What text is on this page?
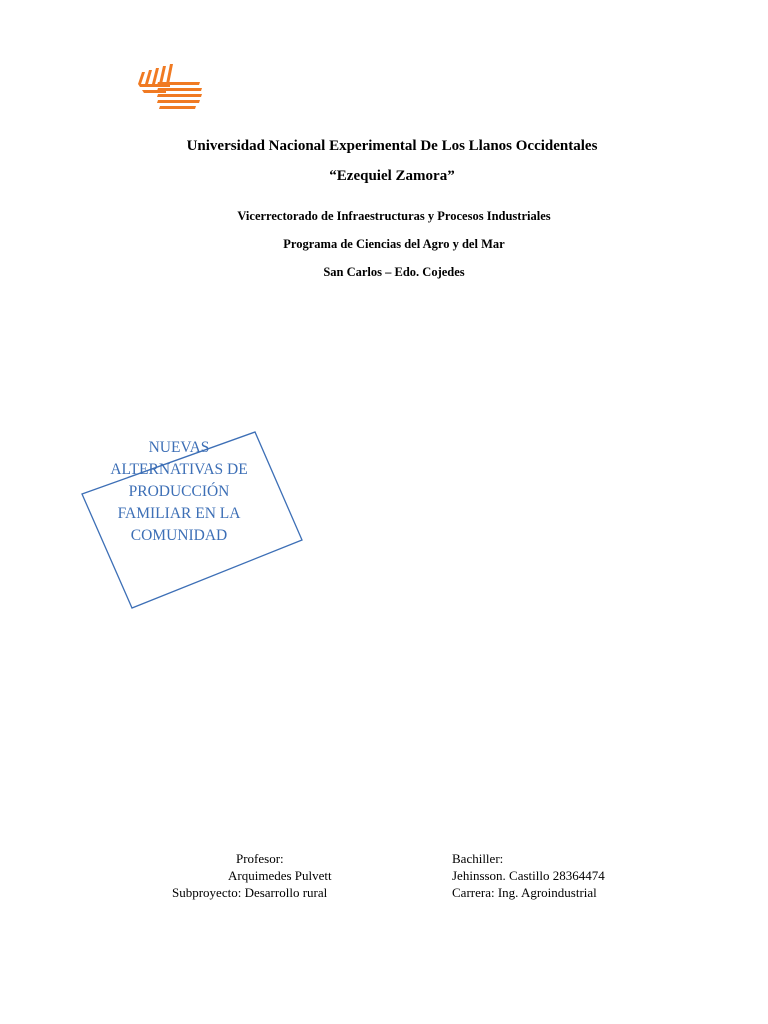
Universidad Nacional Experimental De Los Llanos Occidentales
“Ezequiel Zamora”
Vicerrectorado de Infraestructuras y Procesos Industriales
Programa de Ciencias del Agro y del Mar
San Carlos – Edo. Cojedes
NUEVAS
ALTERNATIVAS DE
PRODUCCIÓN
FAMILIAR EN LA
COMUNIDAD
Profesor:
Arquimedes Pulvett
Subproyecto: Desarrollo rural
Bachiller:
Jehinsson. Castillo 28364474
Carrera: Ing. Agroindustrial
